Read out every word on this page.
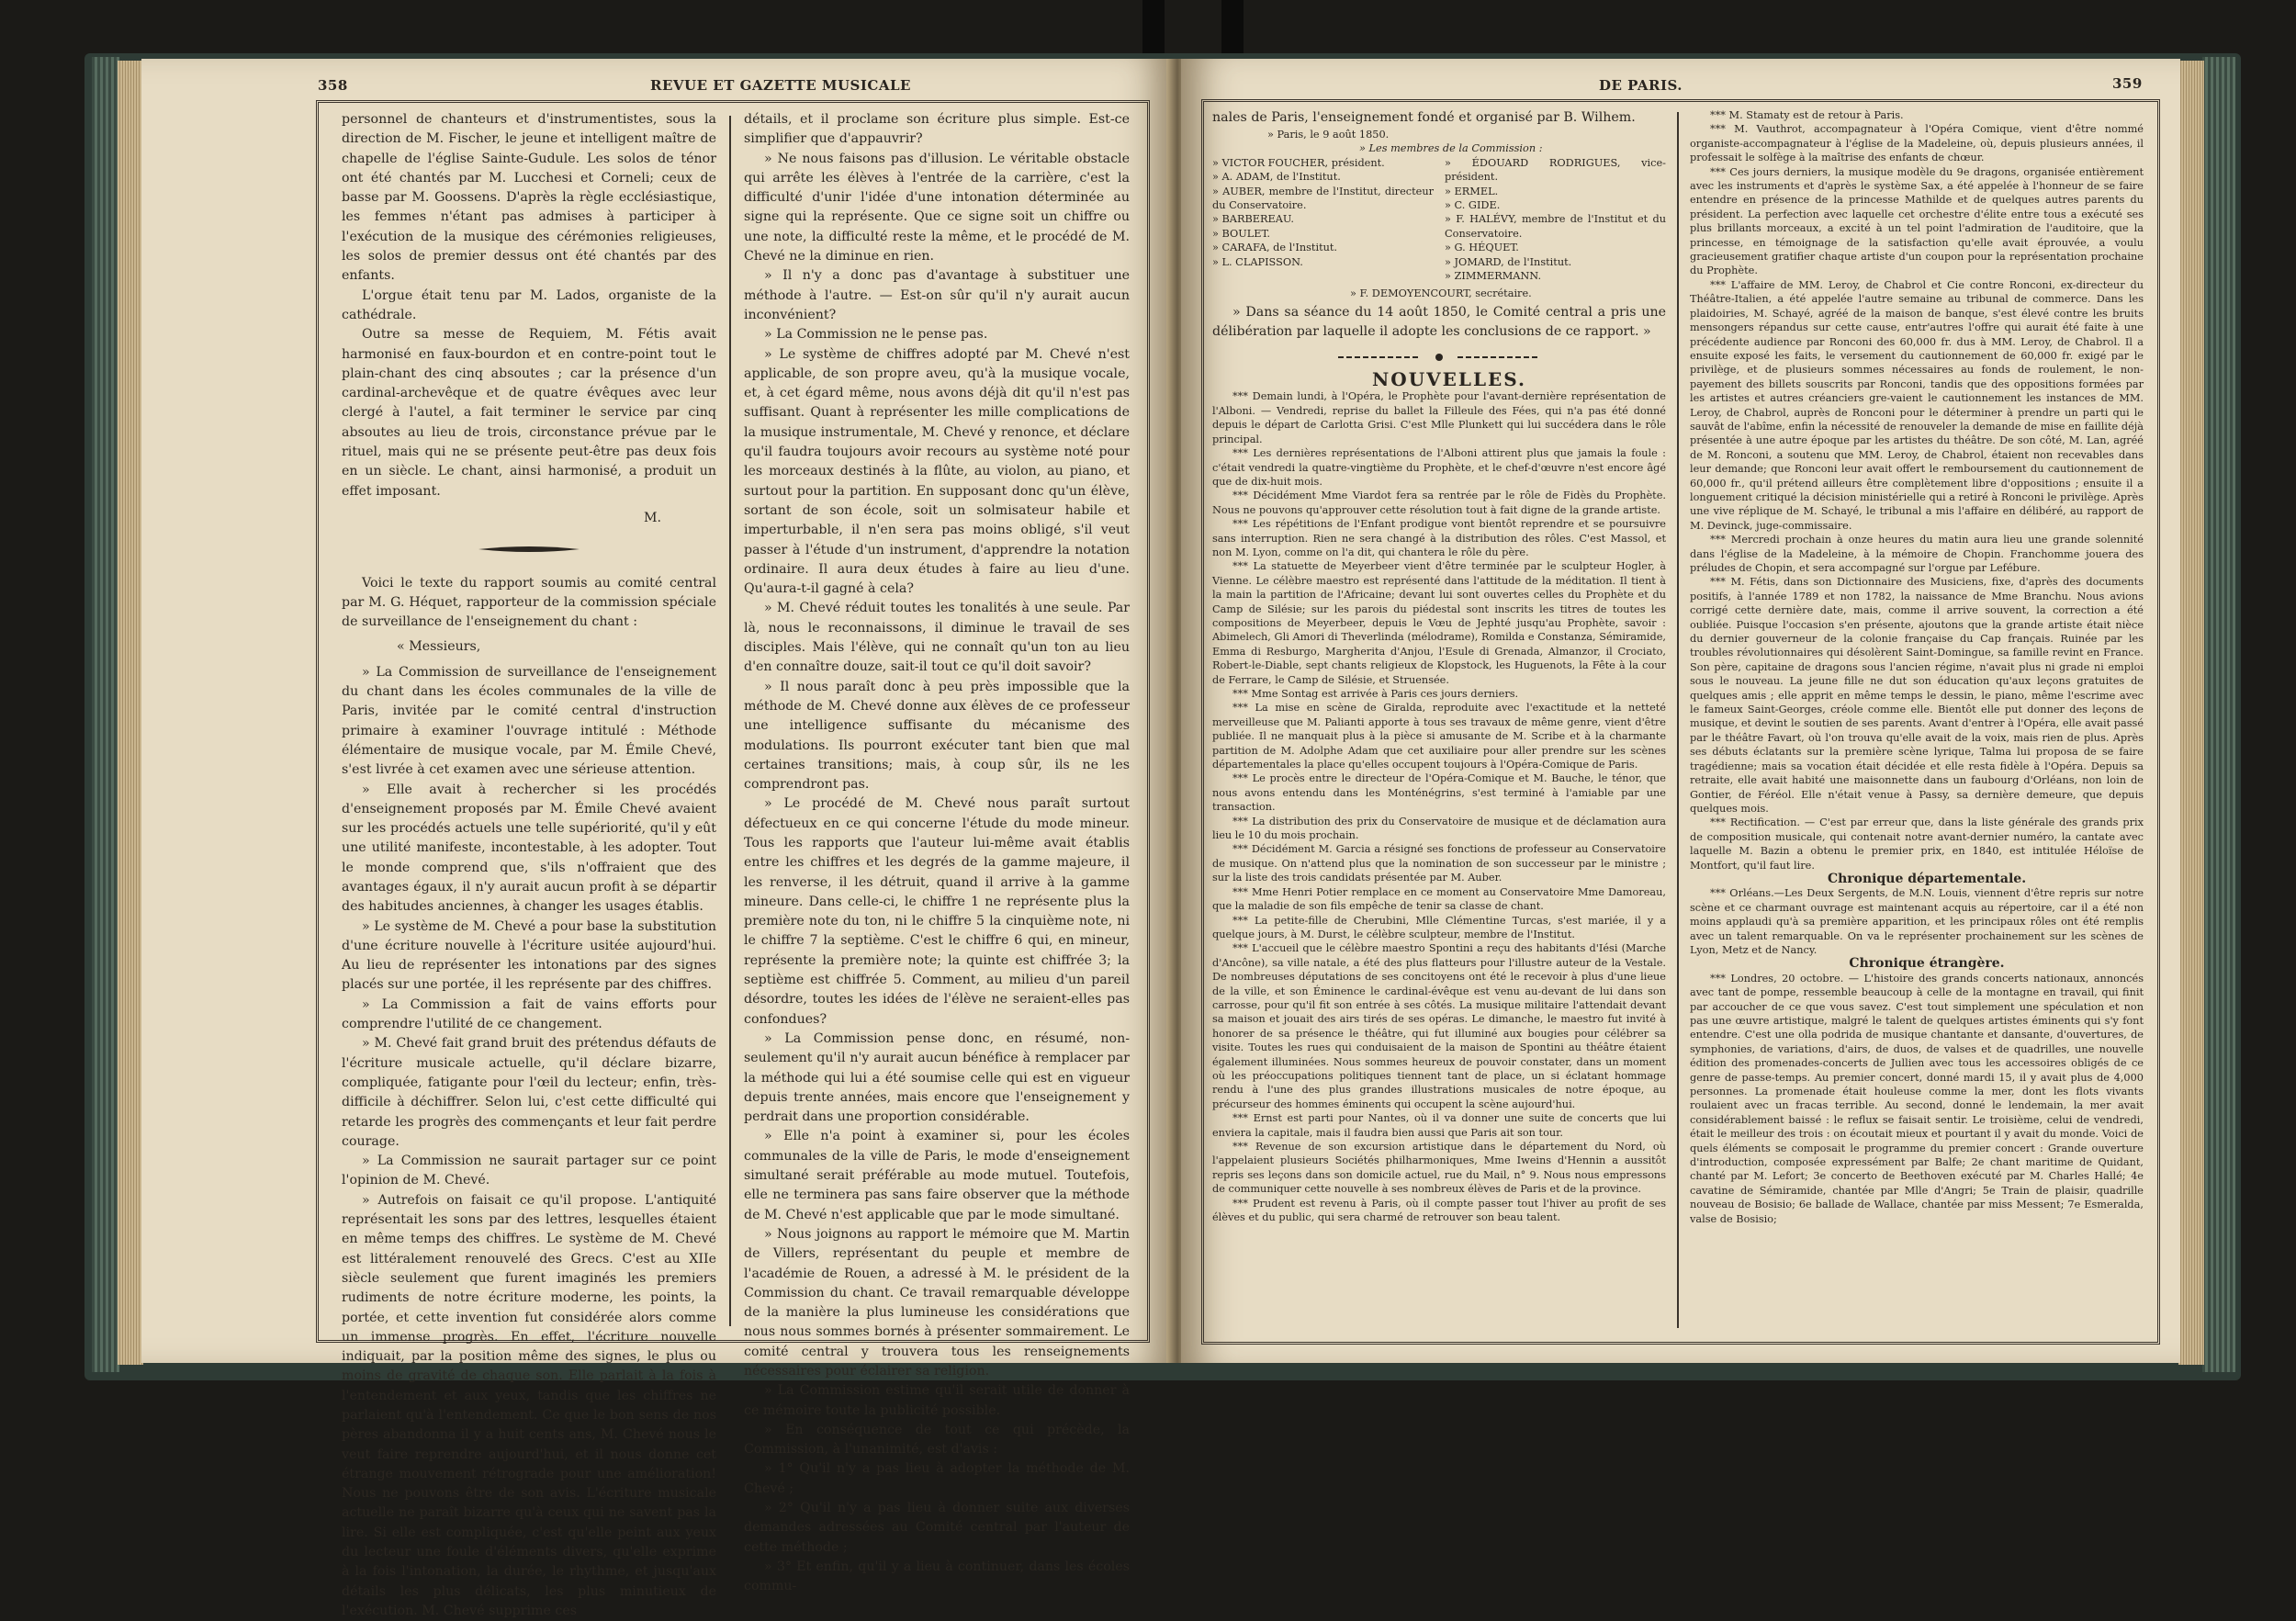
358	REVUE ET GAZETTE MUSICALE

personnel de chanteurs et d'instrumentistes, sous la direction de M. Fischer, le jeune et intelligent maître de chapelle de l'église Sainte-Gudule. Les solos de ténor ont été chantés par M. Lucchesi et Corneli; ceux de basse par M. Goossens. D'après la règle ecclésiastique, les femmes n'étant pas admises à participer à l'exécution de la musique des cérémonies religieuses, les solos de premier dessus ont été chantés par des enfants.

L'orgue était tenu par M. Lados, organiste de la cathédrale.

Outre sa messe de Requiem, M. Fétis avait harmonisé en faux-bourdon et en contre-point tout le plain-chant des cinq absoutes ; car la présence d'un cardinal-archevêque et de quatre évêques avec leur clergé à l'autel, a fait terminer le service par cinq absoutes au lieu de trois, circonstance prévue par le rituel, mais qui ne se présente peut-être pas deux fois en un siècle. Le chant, ainsi harmonisé, a produit un effet imposant.

M.

Voici le texte du rapport soumis au comité central par M. G. Héquet, rapporteur de la commission spéciale de surveillance de l'enseignement du chant :

« Messieurs,

» La Commission de surveillance de l'enseignement du chant dans les écoles communales de la ville de Paris, invitée par le comité central d'instruction primaire à examiner l'ouvrage intitulé : Méthode élémentaire de musique vocale, par M. Émile Chevé, s'est livrée à cet examen avec une sérieuse attention.

» Elle avait à rechercher si les procédés d'enseignement proposés par M. Émile Chevé avaient sur les procédés actuels une telle supériorité, qu'il y eût une utilité manifeste, incontestable, à les adopter. Tout le monde comprend que, s'ils n'offraient que des avantages égaux, il n'y aurait aucun profit à se départir des habitudes anciennes, à changer les usages établis.

» Le système de M. Chevé a pour base la substitution d'une écriture nouvelle à l'écriture usitée aujourd'hui. Au lieu de représenter les intonations par des signes placés sur une portée, il les représente par des chiffres.

» La Commission a fait de vains efforts pour comprendre l'utilité de ce changement.

» M. Chevé fait grand bruit des prétendus défauts de l'écriture musicale actuelle, qu'il déclare bizarre, compliquée, fatigante pour l'œil du lecteur; enfin, très-difficile à déchiffrer. Selon lui, c'est cette difficulté qui retarde les progrès des commençants et leur fait perdre courage.

» La Commission ne saurait partager sur ce point l'opinion de M. Chevé.

» Autrefois on faisait ce qu'il propose. L'antiquité représentait les sons par des lettres, lesquelles étaient en même temps des chiffres. Le système de M. Chevé est littéralement renouvelé des Grecs. C'est au XIIe siècle seulement que furent imaginés les premiers rudiments de notre écriture moderne, les points, la portée, et cette invention fut considérée alors comme un immense progrès. En effet, l'écriture nouvelle indiquait, par la position même des signes, le plus ou moins de gravité de chaque son. Elle parlait à la fois à l'entendement et aux yeux, tandis que les chiffres ne parlaient qu'à l'entendement. Ce que le bon sens de nos pères abandonna il y a huit cents ans, M. Chevé nous le veut faire reprendre aujourd'hui, et il nous donne cet étrange mouvement rétrograde pour une amélioration! Nous ne pouvons être de son avis. L'écriture musicale actuelle ne paraît bizarre qu'à ceux qui ne savent pas la lire. Si elle est compliquée, c'est qu'elle peint aux yeux du lecteur une foule d'éléments divers, qu'elle exprime à la fois l'intonation, la durée, le rhythme, et jusqu'aux détails les plus délicats, les plus minutieux de l'exécution. M. Chevé supprime ces

détails, et il proclame son écriture plus simple. Est-ce simplifier que d'appauvrir?

» Ne nous faisons pas d'illusion. Le véritable obstacle qui arrête les élèves à l'entrée de la carrière, c'est la difficulté d'unir l'idée d'une intonation déterminée au signe qui la représente. Que ce signe soit un chiffre ou une note, la difficulté reste la même, et le procédé de M. Chevé ne la diminue en rien.

» Il n'y a donc pas d'avantage à substituer une méthode à l'autre. — Est-on sûr qu'il n'y aurait aucun inconvénient?

» La Commission ne le pense pas.

» Le système de chiffres adopté par M. Chevé n'est applicable, de son propre aveu, qu'à la musique vocale, et, à cet égard même, nous avons déjà dit qu'il n'est pas suffisant. Quant à représenter les mille complications de la musique instrumentale, M. Chevé y renonce, et déclare qu'il faudra toujours avoir recours au système noté pour les morceaux destinés à la flûte, au violon, au piano, et surtout pour la partition. En supposant donc qu'un élève, sortant de son école, soit un solmisateur habile et imperturbable, il n'en sera pas moins obligé, s'il veut passer à l'étude d'un instrument, d'apprendre la notation ordinaire. Il aura deux études à faire au lieu d'une. Qu'aura-t-il gagné à cela?

» M. Chevé réduit toutes les tonalités à une seule. Par là, nous le reconnaissons, il diminue le travail de ses disciples. Mais l'élève, qui ne connaît qu'un ton au lieu d'en connaître douze, sait-il tout ce qu'il doit savoir?

» Il nous paraît donc à peu près impossible que la méthode de M. Chevé donne aux élèves de ce professeur une intelligence suffisante du mécanisme des modulations. Ils pourront exécuter tant bien que mal certaines transitions; mais, à coup sûr, ils ne les comprendront pas.

» Le procédé de M. Chevé nous paraît surtout défectueux en ce qui concerne l'étude du mode mineur. Tous les rapports que l'auteur lui-même avait établis entre les chiffres et les degrés de la gamme majeure, il les renverse, il les détruit, quand il arrive à la gamme mineure. Dans celle-ci, le chiffre 1 ne représente plus la première note du ton, ni le chiffre 5 la cinquième note, ni le chiffre 7 la septième. C'est le chiffre 6 qui, en mineur, représente la première note; la quinte est chiffrée 3; la septième est chiffrée 5. Comment, au milieu d'un pareil désordre, toutes les idées de l'élève ne seraient-elles pas confondues?

» La Commission pense donc, en résumé, non-seulement qu'il n'y aurait aucun bénéfice à remplacer par la méthode qui lui a été soumise celle qui est en vigueur depuis trente années, mais encore que l'enseignement y perdrait dans une proportion considérable.

» Elle n'a point à examiner si, pour les écoles communales de la ville de Paris, le mode d'enseignement simultané serait préférable au mode mutuel. Toutefois, elle ne terminera pas sans faire observer que la méthode de M. Chevé n'est applicable que par le mode simultané.

» Nous joignons au rapport le mémoire que M. Martin de Villers, représentant du peuple et membre de l'académie de Rouen, a adressé à M. le président de la Commission du chant. Ce travail remarquable développe de la manière la plus lumineuse les considérations que nous nous sommes bornés à présenter sommairement. Le comité central y trouvera tous les renseignements nécessaires pour éclairer sa religion.

» La Commission estime qu'il serait utile de donner à ce mémoire toute la publicité possible.

» En conséquence de tout ce qui précède, la Commission, à l'unanimité, est d'avis :

» 1° Qu'il n'y a pas lieu à adopter la méthode de M. Chevé ;

» 2° Qu'il n'y a pas lieu à donner suite aux diverses demandes adressées au Comité central par l'auteur de cette méthode ;

» 3° Et enfin, qu'il y a lieu à continuer, dans les écoles commu-

DE PARIS.	359

nales de Paris, l'enseignement fondé et organisé par B. Wilhem.

» Paris, le 9 août 1850.

» Les membres de la Commission :

» VICTOR FOUCHER, président.
» A. ADAM, de l'Institut.
» AUBER, membre de l'Institut, directeur du Conservatoire.
» BARBEREAU.
» BOULET.
» CARAFA, de l'Institut.
» L. CLAPISSON.
» ÉDOUARD RODRIGUES, vice-président.
» ERMEL.
» C. GIDE.
» F. HALÉVY, membre de l'Institut et du Conservatoire.
» G. HÉQUET.
» JOMARD, de l'Institut.
» ZIMMERMANN.

» F. DEMOYENCOURT, secrétaire.

» Dans sa séance du 14 août 1850, le Comité central a pris une délibération par laquelle il adopte les conclusions de ce rapport. »

NOUVELLES.

*** Demain lundi, à l'Opéra, le Prophète pour l'avant-dernière représentation de l'Alboni. — Vendredi, reprise du ballet la Filleule des Fées, qui n'a pas été donné depuis le départ de Carlotta Grisi. C'est Mlle Plunkett qui lui succédera dans le rôle principal.

*** Les dernières représentations de l'Alboni attirent plus que jamais la foule : c'était vendredi la quatre-vingtième du Prophète, et le chef-d'œuvre n'est encore âgé que de dix-huit mois.

*** Décidément Mme Viardot fera sa rentrée par le rôle de Fidès du Prophète. Nous ne pouvons qu'approuver cette résolution tout à fait digne de la grande artiste.

*** Les répétitions de l'Enfant prodigue vont bientôt reprendre et se poursuivre sans interruption. Rien ne sera changé à la distribution des rôles. C'est Massol, et non M. Lyon, comme on l'a dit, qui chantera le rôle du père.

*** La statuette de Meyerbeer vient d'être terminée par le sculpteur Hogler, à Vienne. Le célèbre maestro est représenté dans l'attitude de la méditation. Il tient à la main la partition de l'Africaine; devant lui sont ouvertes celles du Prophète et du Camp de Silésie; sur les parois du piédestal sont inscrits les titres de toutes les compositions de Meyerbeer, depuis le Vœu de Jephté jusqu'au Prophète, savoir : Abimelech, Gli Amori di Theverlinda (mélodrame), Romilda e Constanza, Sémiramide, Emma di Resburgo, Margherita d'Anjou, l'Esule di Grenada, Almanzor, il Crociato, Robert-le-Diable, sept chants religieux de Klopstock, les Huguenots, la Fête à la cour de Ferrare, le Camp de Silésie, et Struensée.

*** Mme Sontag est arrivée à Paris ces jours derniers.

*** La mise en scène de Giralda, reproduite avec l'exactitude et la netteté merveilleuse que M. Palianti apporte à tous ses travaux de même genre, vient d'être publiée. Il ne manquait plus à la pièce si amusante de M. Scribe et à la charmante partition de M. Adolphe Adam que cet auxiliaire pour aller prendre sur les scènes départementales la place qu'elles occupent toujours à l'Opéra-Comique de Paris.

*** Le procès entre le directeur de l'Opéra-Comique et M. Bauche, le ténor, que nous avons entendu dans les Monténégrins, s'est terminé à l'amiable par une transaction.

*** La distribution des prix du Conservatoire de musique et de déclamation aura lieu le 10 du mois prochain.

*** Décidément M. Garcia a résigné ses fonctions de professeur au Conservatoire de musique. On n'attend plus que la nomination de son successeur par le ministre ; sur la liste des trois candidats présentée par M. Auber.

*** Mme Henri Potier remplace en ce moment au Conservatoire Mme Damoreau, que la maladie de son fils empêche de tenir sa classe de chant.

*** La petite-fille de Cherubini, Mlle Clémentine Turcas, s'est mariée, il y a quelque jours, à M. Durst, le célèbre sculpteur, membre de l'Institut.

*** L'accueil que le célèbre maestro Spontini a reçu des habitants d'Iési (Marche d'Ancône), sa ville natale, a été des plus flatteurs pour l'illustre auteur de la Vestale. De nombreuses députations de ses concitoyens ont été le recevoir à plus d'une lieue de la ville, et son Éminence le cardinal-évêque est venu au-devant de lui dans son carrosse, pour qu'il fit son entrée à ses côtés. La musique militaire l'attendait devant sa maison et jouait des airs tirés de ses opéras. Le dimanche, le maestro fut invité à honorer de sa présence le théâtre, qui fut illuminé aux bougies pour célébrer sa visite. Toutes les rues qui conduisaient de la maison de Spontini au théâtre étaient également illuminées. Nous sommes heureux de pouvoir constater, dans un moment où les préoccupations politiques tiennent tant de place, un si éclatant hommage rendu à l'une des plus grandes illustrations musicales de notre époque, au précurseur des hommes éminents qui occupent la scène aujourd'hui.

*** Ernst est parti pour Nantes, où il va donner une suite de concerts que lui enviera la capitale, mais il faudra bien aussi que Paris ait son tour.

*** Revenue de son excursion artistique dans le département du Nord, où l'appelaient plusieurs Sociétés philharmoniques, Mme Iweins d'Hennin a aussitôt repris ses leçons dans son domicile actuel, rue du Mail, n° 9. Nous nous empressons de communiquer cette nouvelle à ses nombreux élèves de Paris et de la province.

*** Prudent est revenu à Paris, où il compte passer tout l'hiver au profit de ses élèves et du public, qui sera charmé de retrouver son beau talent.

*** M. Stamaty est de retour à Paris.

*** M. Vauthrot, accompagnateur à l'Opéra Comique, vient d'être nommé organiste-accompagnateur à l'église de la Madeleine, où, depuis plusieurs années, il professait le solfège à la maîtrise des enfants de chœur.

*** Ces jours derniers, la musique modèle du 9e dragons, organisée entièrement avec les instruments et d'après le système Sax, a été appelée à l'honneur de se faire entendre en présence de la princesse Mathilde et de quelques autres parents du président. La perfection avec laquelle cet orchestre d'élite entre tous a exécuté ses plus brillants morceaux, a excité à un tel point l'admiration de l'auditoire, que la princesse, en témoignage de la satisfaction qu'elle avait éprouvée, a voulu gracieusement gratifier chaque artiste d'un coupon pour la représentation prochaine du Prophète.

*** L'affaire de MM. Leroy, de Chabrol et Cie contre Ronconi, ex-directeur du Théâtre-Italien, a été appelée l'autre semaine au tribunal de commerce. Dans les plaidoiries, M. Schayé, agréé de la maison de banque, s'est élevé contre les bruits mensongers répandus sur cette cause, entr'autres l'offre qui aurait été faite à une précédente audience par Ronconi des 60,000 fr. dus à MM. Leroy, de Chabrol. Il a ensuite exposé les faits, le versement du cautionnement de 60,000 fr. exigé par le privilège, et de plusieurs sommes nécessaires au fonds de roulement, le non-payement des billets souscrits par Ronconi, tandis que des oppositions formées par les artistes et autres créanciers gre-vaient le cautionnement les instances de MM. Leroy, de Chabrol, auprès de Ronconi pour le déterminer à prendre un parti qui le sauvât de l'abîme, enfin la nécessité de renouveler la demande de mise en faillite déjà présentée à une autre époque par les artistes du théâtre. De son côté, M. Lan, agréé de M. Ronconi, a soutenu que MM. Leroy, de Chabrol, étaient non recevables dans leur demande; que Ronconi leur avait offert le remboursement du cautionnement de 60,000 fr., qu'il prétend ailleurs être complètement libre d'oppositions ; ensuite il a longuement critiqué la décision ministérielle qui a retiré à Ronconi le privilège. Après une vive réplique de M. Schayé, le tribunal a mis l'affaire en délibéré, au rapport de M. Devinck, juge-commissaire.

*** Mercredi prochain à onze heures du matin aura lieu une grande solennité dans l'église de la Madeleine, à la mémoire de Chopin. Franchomme jouera des préludes de Chopin, et sera accompagné sur l'orgue par Lefébure.

*** M. Fétis, dans son Dictionnaire des Musiciens, fixe, d'après des documents positifs, à l'année 1789 et non 1782, la naissance de Mme Branchu. Nous avions corrigé cette dernière date, mais, comme il arrive souvent, la correction a été oubliée. Puisque l'occasion s'en présente, ajoutons que la grande artiste était nièce du dernier gouverneur de la colonie française du Cap français. Ruinée par les troubles révolutionnaires qui désolèrent Saint-Domingue, sa famille revint en France. Son père, capitaine de dragons sous l'ancien régime, n'avait plus ni grade ni emploi sous le nouveau. La jeune fille ne dut son éducation qu'aux leçons gratuites de quelques amis ; elle apprit en même temps le dessin, le piano, même l'escrime avec le fameux Saint-Georges, créole comme elle. Bientôt elle put donner des leçons de musique, et devint le soutien de ses parents. Avant d'entrer à l'Opéra, elle avait passé par le théâtre Favart, où l'on trouva qu'elle avait de la voix, mais rien de plus. Après ses débuts éclatants sur la première scène lyrique, Talma lui proposa de se faire tragédienne; mais sa vocation était décidée et elle resta fidèle à l'Opéra. Depuis sa retraite, elle avait habité une maisonnette dans un faubourg d'Orléans, non loin de Gontier, de Féréol. Elle n'était venue à Passy, sa dernière demeure, que depuis quelques mois.

*** Rectification. — C'est par erreur que, dans la liste générale des grands prix de composition musicale, qui contenait notre avant-dernier numéro, la cantate avec laquelle M. Bazin a obtenu le premier prix, en 1840, est intitulée Héloïse de Montfort, qu'il faut lire.

Chronique départementale.

*** Orléans.—Les Deux Sergents, de M.N. Louis, viennent d'être repris sur notre scène et ce charmant ouvrage est maintenant acquis au répertoire, car il a été non moins applaudi qu'à sa première apparition, et les principaux rôles ont été remplis avec un talent remarquable. On va le représenter prochainement sur les scènes de Lyon, Metz et de Nancy.

Chronique étrangère.

*** Londres, 20 octobre. — L'histoire des grands concerts nationaux, annoncés avec tant de pompe, ressemble beaucoup à celle de la montagne en travail, qui finit par accoucher de ce que vous savez. C'est tout simplement une spéculation et non pas une œuvre artistique, malgré le talent de quelques artistes éminents qui s'y font entendre. C'est une olla podrida de musique chantante et dansante, d'ouvertures, de symphonies, de variations, d'airs, de duos, de valses et de quadrilles, une nouvelle édition des promenades-concerts de Jullien avec tous les accessoires obligés de ce genre de passe-temps. Au premier concert, donné mardi 15, il y avait plus de 4,000 personnes. La promenade était houleuse comme la mer, dont les flots vivants roulaient avec un fracas terrible. Au second, donné le lendemain, la mer avait considérablement baissé : le reflux se faisait sentir. Le troisième, celui de vendredi, était le meilleur des trois : on écoutait mieux et pourtant il y avait du monde. Voici de quels éléments se composait le programme du premier concert : Grande ouverture d'introduction, composée expressément par Balfe; 2e chant maritime de Quidant, chanté par M. Lefort; 3e concerto de Beethoven exécuté par M. Charles Hallé; 4e cavatine de Sémiramide, chantée par Mlle d'Angri; 5e Train de plaisir, quadrille nouveau de Bosisio; 6e ballade de Wallace, chantée par miss Messent; 7e Esmeralda, valse de Bosisio;
